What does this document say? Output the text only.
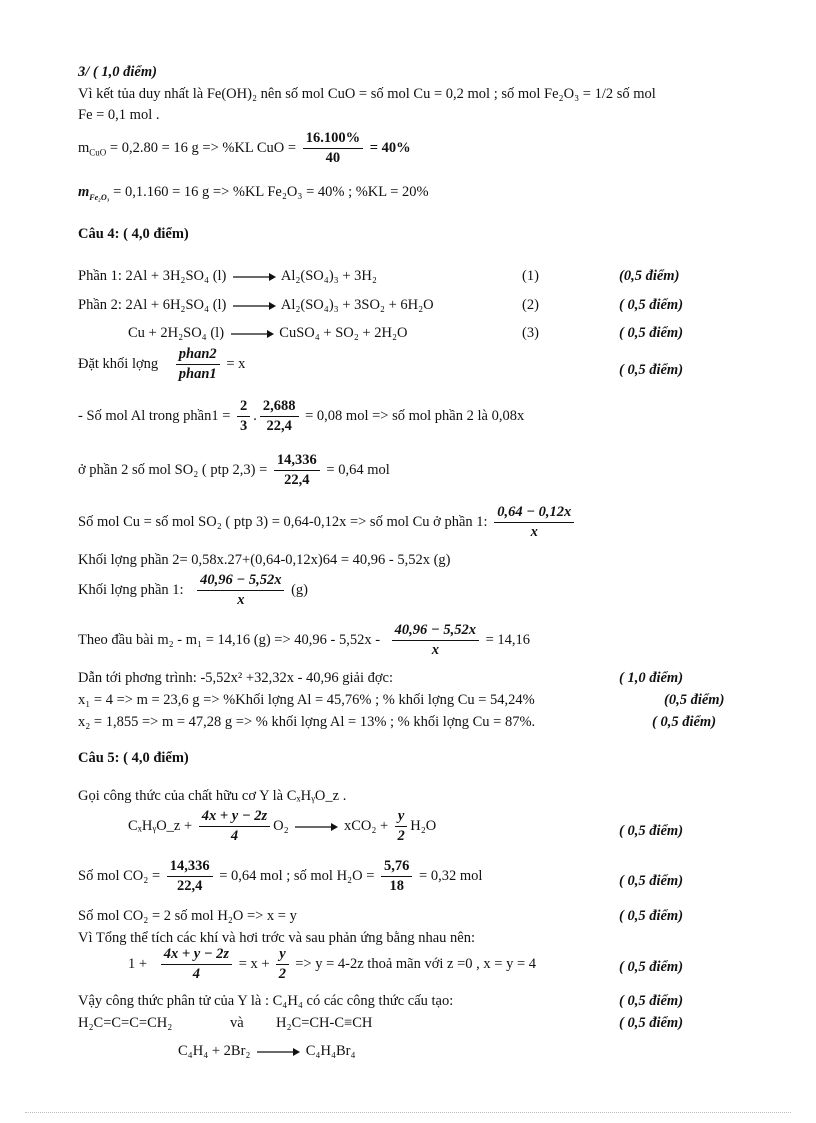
3/ ( 1,0 điểm)
Vì kết tủa duy nhất là Fe(OH)₂ nên số mol CuO = số mol Cu = 0,2 mol ; số mol Fe₂O₃ = 1/2 số mol
Fe = 0,1 mol .
$m_{CuO} = 0,2.80 = 16$ g => %KL CuO = $\frac{16.100\%}{40} = 40\%$
$m_{Fe_2O_3} = 0,1.160 = 16$ g => %KL Fe₂O₃ = 40% ; %KL = 20%
Câu 4: ( 4,0 điểm)
Phần 1: 2Al + 3H₂SO₄ (l)	Al₂(SO₄)₃ + 3H₂	(1)	(0,5 điểm)
Phần 2: 2Al + 6H₂SO₄ (l)	Al₂(SO₄)₃ + 3SO₂ + 6H₂O	(2)	( 0,5 điểm)
Cu + 2H₂SO₄ (l)	CuSO₄ + SO₂ + 2H₂O	(3)	( 0,5 điểm)
Đặt khối lợng $\frac{\text{phan2}}{\text{phan1}} = x$	( 0,5 điểm)
- Số mol Al trong phần1 = $\frac{2}{3}$ . $\frac{2,688}{22,4} = 0,08$ mol => số mol phần 2 là 0,08x
ở phần 2 số mol SO₂ ( ptp $2,3) = \frac{14,336}{22,4} = 0,64$ mol
Số mol Cu = số mol SO₂ ( ptp 3) = 0,64-0,12x => số mol Cu ở phần 1: $\frac{0,64 - 0,12x}{x}$
Khối lợng phần 2= 0,58x.27+(0,64-0,12x)64 = 40,96 - 5,52x (g)
Khối lợng phần 1: $\frac{40,96 - 5,52x}{x} (g)$
Theo đầu bài m₂ - m₁ = 14,16 $(g) => 40,96 - 5,52x - \frac{40,96 - 5,52x}{x} = 14,16$
Dẫn tới phơng trình: -5,52x² +32,32x - 40,96 giải đợc:	( 1,0 điểm)
x₁ = 4 => m = 23,6 g => %Khối lợng Al = 45,76% ; % khối lợng Cu = 54,24%	(0,5 điểm)
x₂ = 1,855 => m = 47,28 g => % khối lợng Al = 13% ; % khối lợng Cu = 87%.	( 0,5 điểm)
Câu 5: ( 4,0 điểm)
Gọi công thức của chất hữu cơ Y là CₓHᵧO_z .
CₓHᵧO_z + $\frac{4x + y - 2z}{4} O_2$	$xCO_2 + \frac{y}{2} H_2O$	( 0,5 điểm)
Số mol $CO_2 = \frac{14,336}{22,4} = 0,64$ mol ; số mol $H_2O = \frac{5,76}{18} = 0,32$ mol	( 0,5 điểm)
Số mol CO₂ = 2 số mol H₂O => x = y	( 0,5 điểm)
Vì Tổng thể tích các khí và hơi trớc và sau phản ứng bằng nhau nên:
$1 + \frac{4x + y - 2z}{4} = x + \frac{y}{2} => y = 4-2z$ thoả mãn với z =0 , x = y = 4	( 0,5 điểm)
Vậy công thức phân tử của Y là : C₄H₄ có các công thức cấu tạo:	( 0,5 điểm)
H₂C=C=C=CH₂	và H₂C=CH-C≡CH	( 0,5 điểm)
C₄H₄ + 2Br₂	C₄H₄Br₄
